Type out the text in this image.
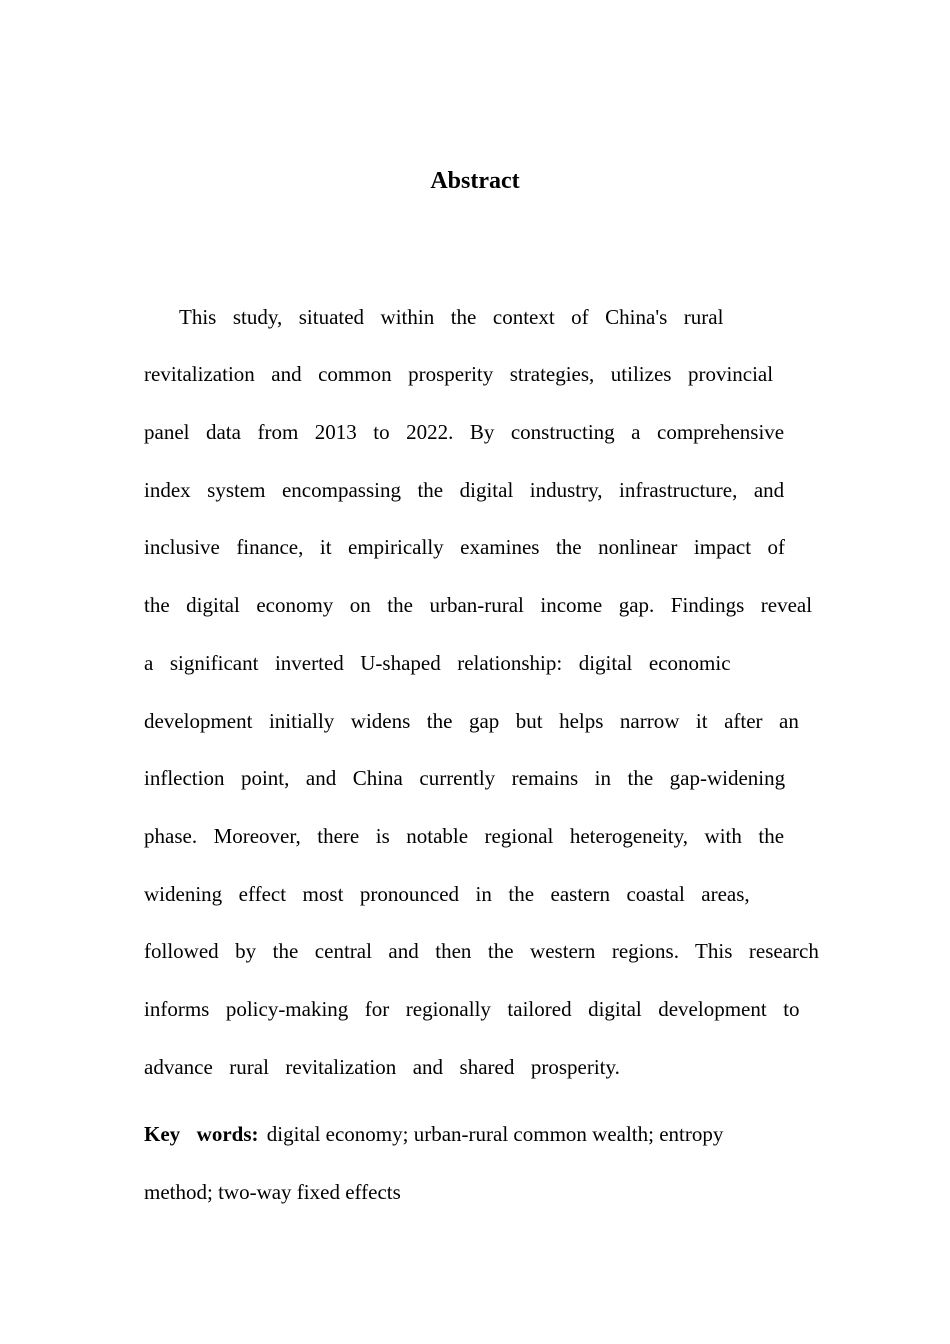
Abstract
This  study,  situated  within  the  context  of  China's  rural
revitalization  and  common  prosperity  strategies,  utilizes  provincial
panel  data  from  2013  to  2022.  By  constructing  a  comprehensive
index  system  encompassing  the  digital  industry,  infrastructure,  and
inclusive  finance,  it  empirically  examines  the  nonlinear  impact  of
the  digital  economy  on  the  urban-rural  income  gap.  Findings  reveal
a  significant  inverted  U-shaped  relationship:  digital  economic
development  initially  widens  the  gap  but  helps  narrow  it  after  an
inflection  point,  and  China  currently  remains  in  the  gap-widening
phase.  Moreover,  there  is  notable  regional  heterogeneity,  with  the
widening  effect  most  pronounced  in  the  eastern  coastal  areas,
followed  by  the  central  and  then  the  western  regions.  This  research
informs  policy-making  for  regionally  tailored  digital  development  to
advance  rural  revitalization  and  shared  prosperity.
Key  words: digital economy; urban-rural common wealth; entropy
method; two-way fixed effects
